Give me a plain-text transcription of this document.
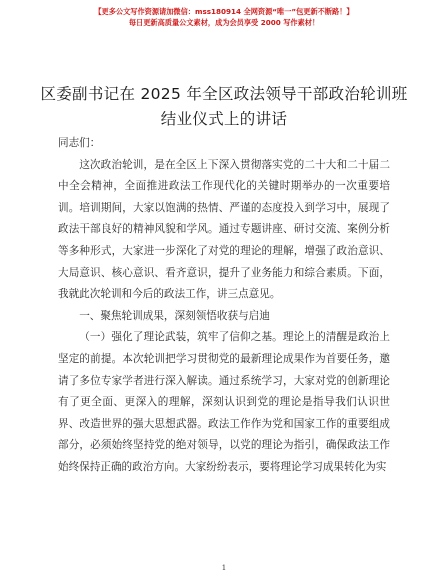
【更多公文写作资源请加微信：mss180914 全网资源“唯一”包更新不断路！】
每日更新高质量公文素材，成为会员享受 2000 写作素材！
区委副书记在 2025 年全区政法领导干部政治轮训班结业仪式上的讲话

同志们：

这次政治轮训，是在全区上下深入贯彻落实党的二十大和二十届二中全会精神，全面推进政法工作现代化的关键时期举办的一次重要培训。培训期间，大家以饱满的热情、严谨的态度投入到学习中，展现了政法干部良好的精神风貌和学风。通过专题讲座、研讨交流、案例分析等多种形式，大家进一步深化了对党的理论的理解，增强了政治意识、大局意识、核心意识、看齐意识，提升了业务能力和综合素质。下面，我就此次轮训和今后的政法工作，讲三点意见。

一、聚焦轮训成果，深刻领悟收获与启迪

（一）强化了理论武装，筑牢了信仰之基。理论上的清醒是政治上坚定的前提。本次轮训把学习贯彻党的最新理论成果作为首要任务，邀请了多位专家学者进行深入解读。通过系统学习，大家对党的创新理论有了更全面、更深入的理解，深刻认识到党的理论是指导我们认识世界、改造世界的强大思想武器。政法工作作为党和国家工作的重要组成部分，必须始终坚持党的绝对领导，以党的理论为指引，确保政法工作始终保持正确的政治方向。大家纷纷表示，要将理论学习成果转化为实

1
